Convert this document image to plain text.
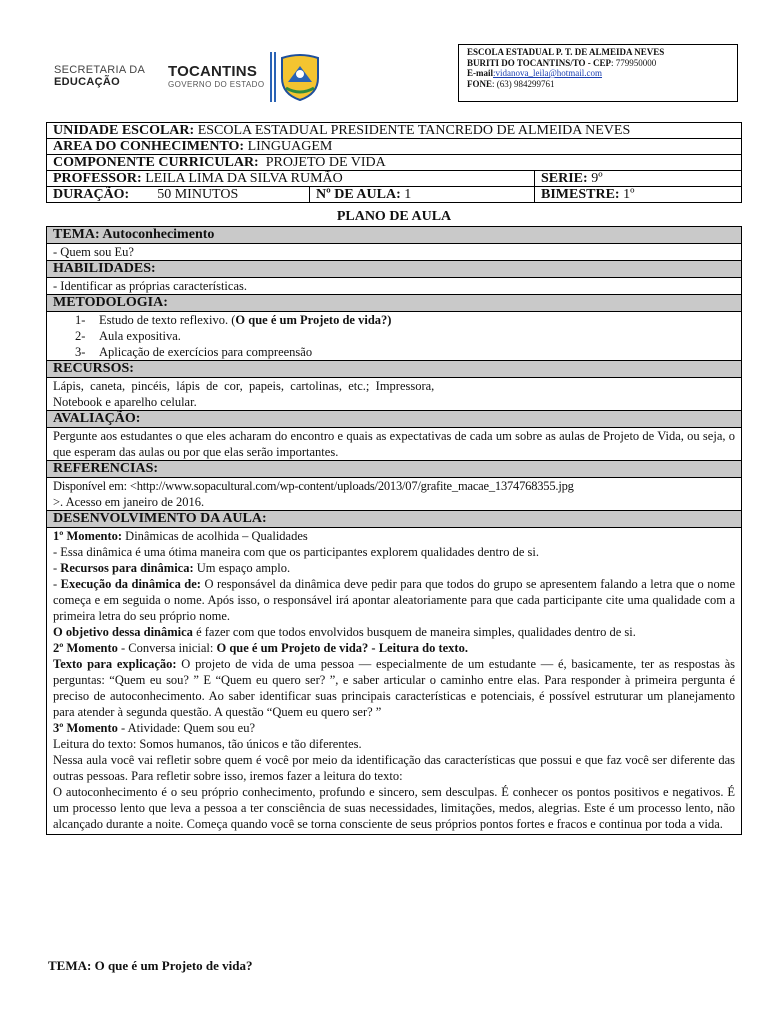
SECRETARIA DA
EDUCAÇÃO
TOCANTINS
GOVERNO DO ESTADO
ESCOLA ESTADUAL P. T. DE ALMEIDA NEVES
BURITI DO TOCANTINS/TO - CEP: 779950000
E-mail:vidanova_leila@hotmail.com
FONE: (63) 984299761
UNIDADE ESCOLAR: ESCOLA ESTADUAL PRESIDENTE TANCREDO DE ALMEIDA NEVES		
AREA DO CONHECIMENTO: LINGUAGEM		
COMPONENTE CURRICULAR:  PROJETO DE VIDA		
PROFESSOR: LEILA LIMA DA SILVA RUMÃO		SERIE: 9º
DURAÇÃO: 50 MINUTOS	Nº DE AULA: 1	BIMESTRE: 1º
PLANO DE AULA
TEMA: Autoconhecimento
- Quem sou Eu?
HABILIDADES:
- Identificar as próprias características.
METODOLOGIA:
1- Estudo de texto reflexivo. (O que é um Projeto de vida?)
2- Aula expositiva.
3- Aplicação de exercícios para compreensão
RECURSOS:
Lápis,  caneta,  pincéis,  lápis  de  cor,  papeis,  cartolinas,  etc.;  Impressora,
Notebook e aparelho celular.
AVALIAÇÃO:
Pergunte aos estudantes o que eles acharam do encontro e quais as expectativas de cada um sobre as aulas de Projeto de Vida, ou seja, o que esperam das aulas ou por que elas serão importantes.
REFERENCIAS:
Disponível em: <http://www.sopacultural.com/wp-content/uploads/2013/07/grafite_macae_1374768355.jpg
>. Acesso em janeiro de 2016.
DESENVOLVIMENTO DA AULA:
1º Momento: Dinâmicas de acolhida – Qualidades
- Essa dinâmica é uma ótima maneira com que os participantes explorem qualidades dentro de si.
- Recursos para dinâmica: Um espaço amplo.
- Execução da dinâmica de: O responsável da dinâmica deve pedir para que todos do grupo se apresentem falando a letra que o nome começa e em seguida o nome. Após isso, o responsável irá apontar aleatoriamente para que cada participante cite uma qualidade com a primeira letra do seu próprio nome.
O objetivo dessa dinâmica é fazer com que todos envolvidos busquem de maneira simples, qualidades dentro de si.
2º Momento - Conversa inicial: O que é um Projeto de vida? - Leitura do texto.
Texto para explicação: O projeto de vida de uma pessoa — especialmente de um estudante — é, basicamente, ter as respostas às perguntas: “Quem eu sou? ” E “Quem eu quero ser? ”, e saber articular o caminho entre elas. Para responder à primeira pergunta é preciso de autoconhecimento. Ao saber identificar suas principais características e potenciais, é possível estruturar um planejamento para atender à segunda questão. A questão “Quem eu quero ser? ”
3º Momento - Atividade: Quem sou eu?
Leitura do texto: Somos humanos, tão únicos e tão diferentes.
Nessa aula você vai refletir sobre quem é você por meio da identificação das características que possui e que faz você ser diferente das outras pessoas. Para refletir sobre isso, iremos fazer a leitura do texto:
O autoconhecimento é o seu próprio conhecimento, profundo e sincero, sem desculpas. É conhecer os pontos positivos e negativos. É um processo lento que leva a pessoa a ter consciência de suas necessidades, limitações, medos, alegrias. Este é um processo lento, não alcançado durante a noite. Começa quando você se torna consciente de seus próprios pontos fortes e fracos e continua por toda a vida.
TEMA: O que é um Projeto de vida?
